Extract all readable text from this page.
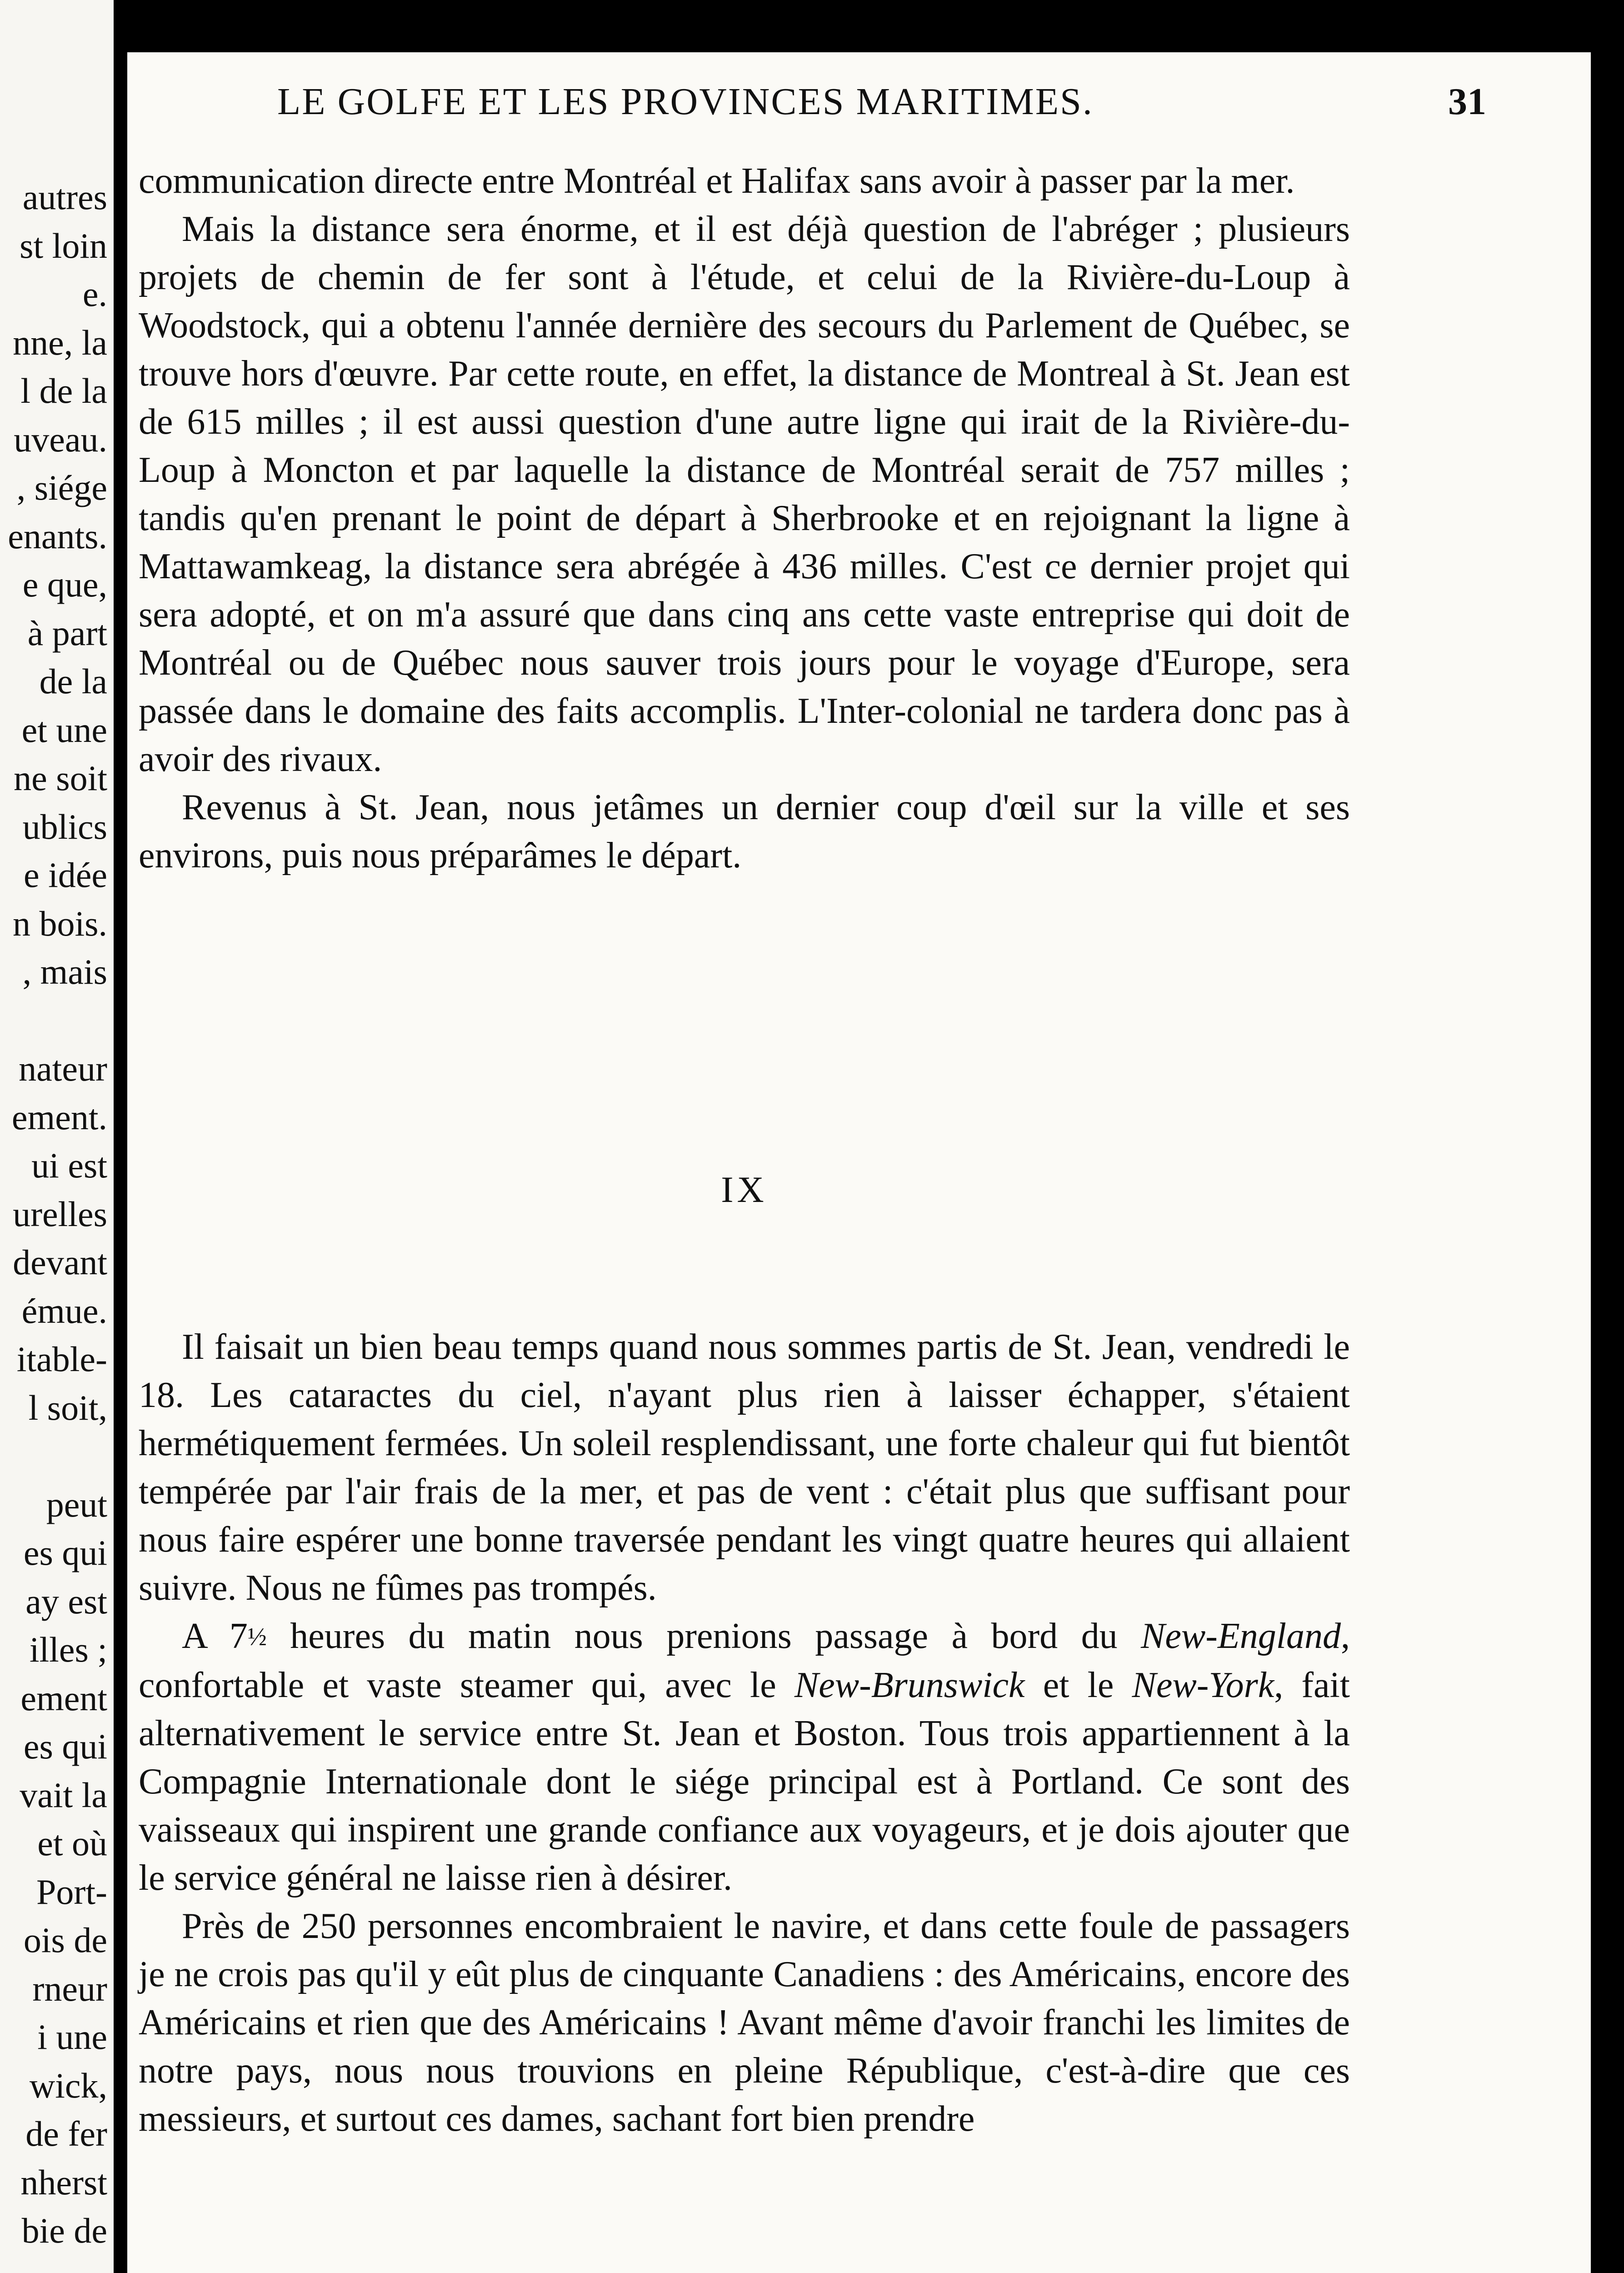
autres
st loin
e.
nne, la
l de la
uveau.
, siége
enants.
e que,
à part
de la
et une
ne soit
ublics
e idée
n bois.
, mais
nateur
ement.
ui est
urelles
devant
émue.
itable-
l soit,
peut
es qui
ay est
illes ;
ement
es qui
vait la
et où
Port-
ois de
rneur
i une
wick,
de fer
nherst
bie de
LE GOLFE ET LES PROVINCES MARITIMES.	31

communication directe entre Montréal et Halifax sans avoir à passer par la mer.

Mais la distance sera énorme, et il est déjà question de l'abréger ; plusieurs projets de chemin de fer sont à l'étude, et celui de la Rivière-du-Loup à Woodstock, qui a obtenu l'année dernière des secours du Parlement de Québec, se trouve hors d'œuvre. Par cette route, en effet, la distance de Montreal à St. Jean est de 615 milles ; il est aussi question d'une autre ligne qui irait de la Rivière-du-Loup à Moncton et par laquelle la distance de Montréal serait de 757 milles ; tandis qu'en prenant le point de départ à Sherbrooke et en rejoignant la ligne à Mattawamkeag, la distance sera abrégée à 436 milles. C'est ce dernier projet qui sera adopté, et on m'a assuré que dans cinq ans cette vaste entreprise qui doit de Montréal ou de Québec nous sauver trois jours pour le voyage d'Europe, sera passée dans le domaine des faits accomplis. L'Inter-colonial ne tardera donc pas à avoir des rivaux.

Revenus à St. Jean, nous jetâmes un dernier coup d'œil sur la ville et ses environs, puis nous préparâmes le départ.

IX

Il faisait un bien beau temps quand nous sommes partis de St. Jean, vendredi le 18. Les cataractes du ciel, n'ayant plus rien à laisser échapper, s'étaient hermétiquement fermées. Un soleil resplendissant, une forte chaleur qui fut bientôt tempérée par l'air frais de la mer, et pas de vent : c'était plus que suffisant pour nous faire espérer une bonne traversée pendant les vingt quatre heures qui allaient suivre. Nous ne fûmes pas trompés.

A 7½ heures du matin nous prenions passage à bord du New-England, confortable et vaste steamer qui, avec le New-Brunswick et le New-York, fait alternativement le service entre St. Jean et Boston. Tous trois appartiennent à la Compagnie Internationale dont le siége principal est à Portland. Ce sont des vaisseaux qui inspirent une grande confiance aux voyageurs, et je dois ajouter que le service général ne laisse rien à désirer.

Près de 250 personnes encombraient le navire, et dans cette foule de passagers je ne crois pas qu'il y eût plus de cinquante Canadiens : des Américains, encore des Américains et rien que des Américains ! Avant même d'avoir franchi les limites de notre pays, nous nous trouvions en pleine République, c'est-à-dire que ces messieurs, et surtout ces dames, sachant fort bien prendre
